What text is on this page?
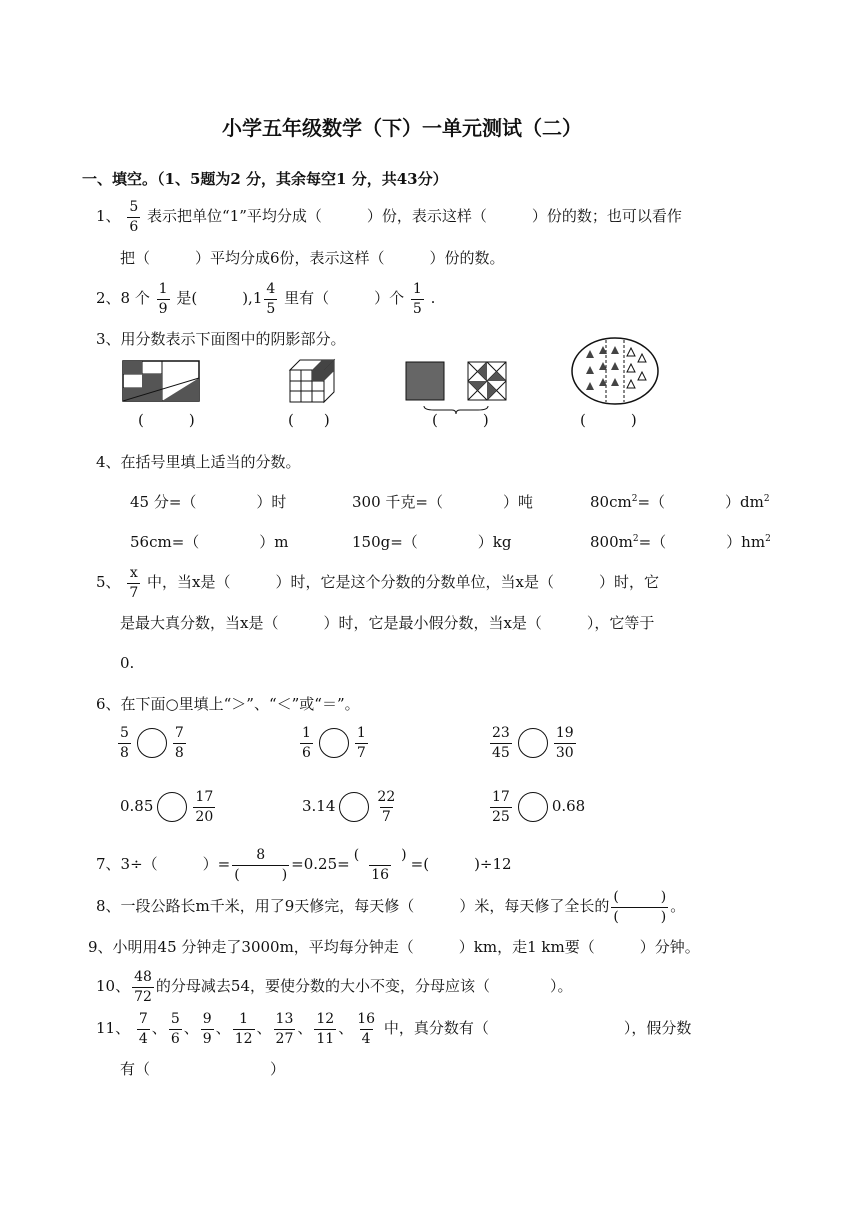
小学五年级数学（下）一单元测试（二）
一、填空。（1、5题为2 分，其余每空1 分，共43分）
1、 $\frac{5}{6}$ 表示把单位“1”平均分成（　　　）份，表示这样（　　　）份的数；也可以看作
把（　　　）平均分成6份，表示这样（　　　）份的数。
2、8 个 $\frac{1}{9}$ 是(　　　)$,1 \frac{4}{5}$ 里有（　　　）个 $\frac{1}{5}$ .
3、用分数表示下面图中的阴影部分。
(　　　)	(　　)	(　　　)	(　　　)
4、在括号里填上适当的分数。
45 分=（　　　　）时	300 千克=（　　　　）吨	$80cm^2=$（　　　　）$dm^2$
56cm=（　　　　）m	150g=（　　　　）kg	$800m^2=$（　　　　）$hm^2$
5、 $\frac{x}{7}$ 中，当x是（　　　）时，它是这个分数的分数单位，当x是（　　　）时，它
是最大真分数，当x是（　　　）时，它是最小假分数，当x是（　　　），它等于
0.
6、在下面○里填上“＞”、“＜”或“＝”。
$\frac{5}{8}$	$\frac{7}{8}$	$\frac{1}{6}$	$\frac{1}{7}$	$\frac{23}{45}$	$\frac{19}{30}$
0.85	$\frac{17}{20}$	3.14	$\frac{22}{7}$	$\frac{17}{25}$	0.68
7、3÷（　　　）= $\frac{8}{( )} =0.25= \frac{( )}{16}$ =(　　　)÷12
8、一段公路长m千米，用了9天修完，每天修（　　　）米，每天修了全长的 $\frac{( )}{( )}$ 。
9、小明用45 分钟走了3000m，平均每分钟走（　　　）km，走1 km要（　　　）分钟。
10、 $\frac{48}{72}$ 的分母减去54，要使分数的大小不变，分母应该（　　　　）。
11、 $\frac{7}{4}$ 、 $\frac{5}{6}$ 、 $\frac{9}{9}$ 、 $\frac{1}{12}$ 、 $\frac{13}{27}$ 、 $\frac{12}{11}$ 、 $\frac{16}{4}$ 中，真分数有（　　　　　　　　　），假分数
有（　　　　　　　　）
